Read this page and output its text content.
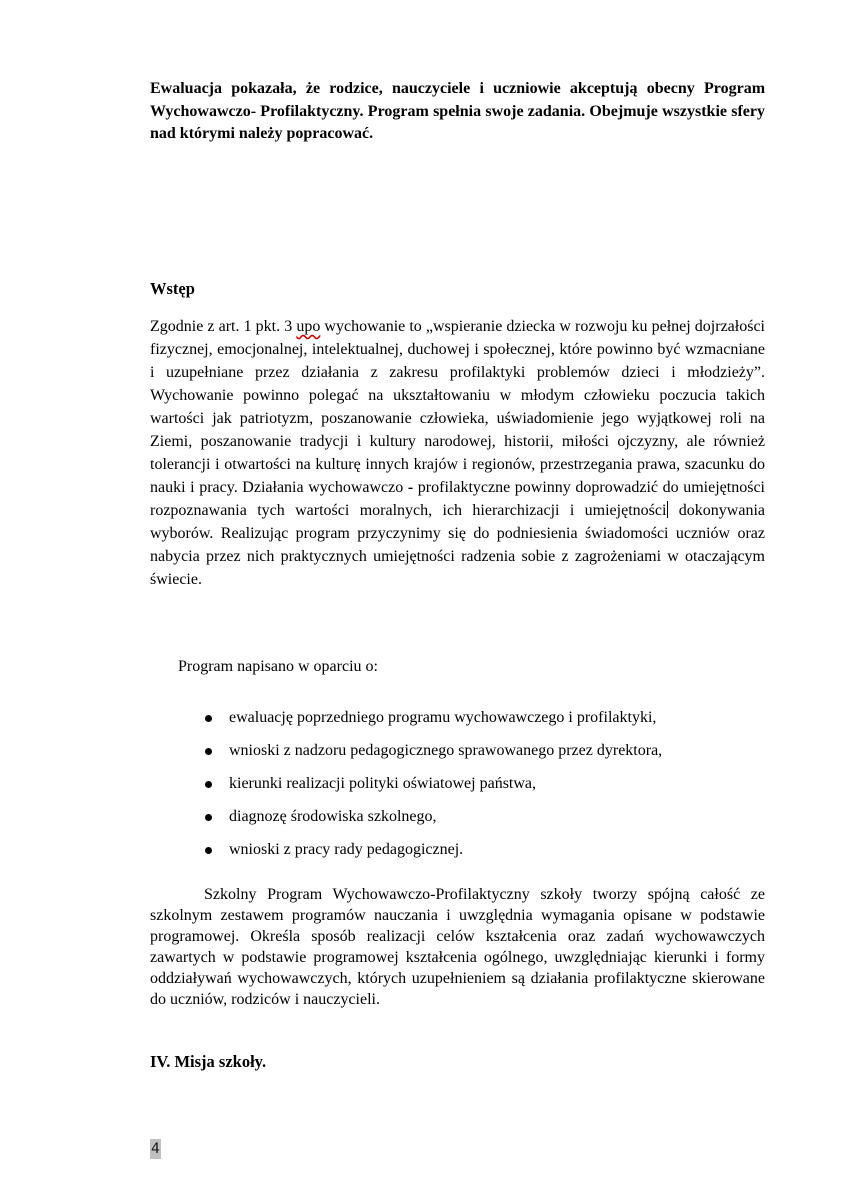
Ewaluacja pokazała, że rodzice, nauczyciele i uczniowie akceptują obecny Program Wychowawczo- Profilaktyczny. Program spełnia swoje zadania. Obejmuje wszystkie sfery nad którymi należy popracować.
Wstęp
Zgodnie z art. 1 pkt. 3 upo wychowanie to „wspieranie dziecka w rozwoju ku pełnej dojrzałości fizycznej, emocjonalnej, intelektualnej, duchowej i społecznej, które powinno być wzmacniane i uzupełniane przez działania z zakresu profilaktyki problemów dzieci i młodzieży”. Wychowanie powinno polegać na ukształtowaniu w młodym człowieku poczucia takich wartości jak patriotyzm, poszanowanie człowieka, uświadomienie jego wyjątkowej roli na Ziemi, poszanowanie tradycji i kultury narodowej, historii, miłości ojczyzny, ale również tolerancji i otwartości na kulturę innych krajów i regionów, przestrzegania prawa, szacunku do nauki i pracy. Działania wychowawczo - profilaktyczne powinny doprowadzić do umiejętności rozpoznawania tych wartości moralnych, ich hierarchizacji i umiejętności dokonywania wyborów. Realizując program przyczynimy się do podniesienia świadomości uczniów oraz nabycia przez nich praktycznych umiejętności radzenia sobie z zagrożeniami w otaczającym świecie.
Program napisano w oparciu o:
ewaluację poprzedniego programu wychowawczego i profilaktyki,
wnioski z nadzoru pedagogicznego sprawowanego przez dyrektora,
kierunki realizacji polityki oświatowej państwa,
diagnozę środowiska szkolnego,
wnioski z pracy rady pedagogicznej.
Szkolny Program Wychowawczo-Profilaktyczny szkoły tworzy spójną całość ze szkolnym zestawem programów nauczania i uwzględnia wymagania opisane w podstawie programowej. Określa sposób realizacji celów kształcenia oraz zadań wychowawczych zawartych w podstawie programowej kształcenia ogólnego, uwzględniając kierunki i formy oddziaływań wychowawczych, których uzupełnieniem są działania profilaktyczne skierowane do uczniów, rodziców i nauczycieli.
IV. Misja szkoły.
4
